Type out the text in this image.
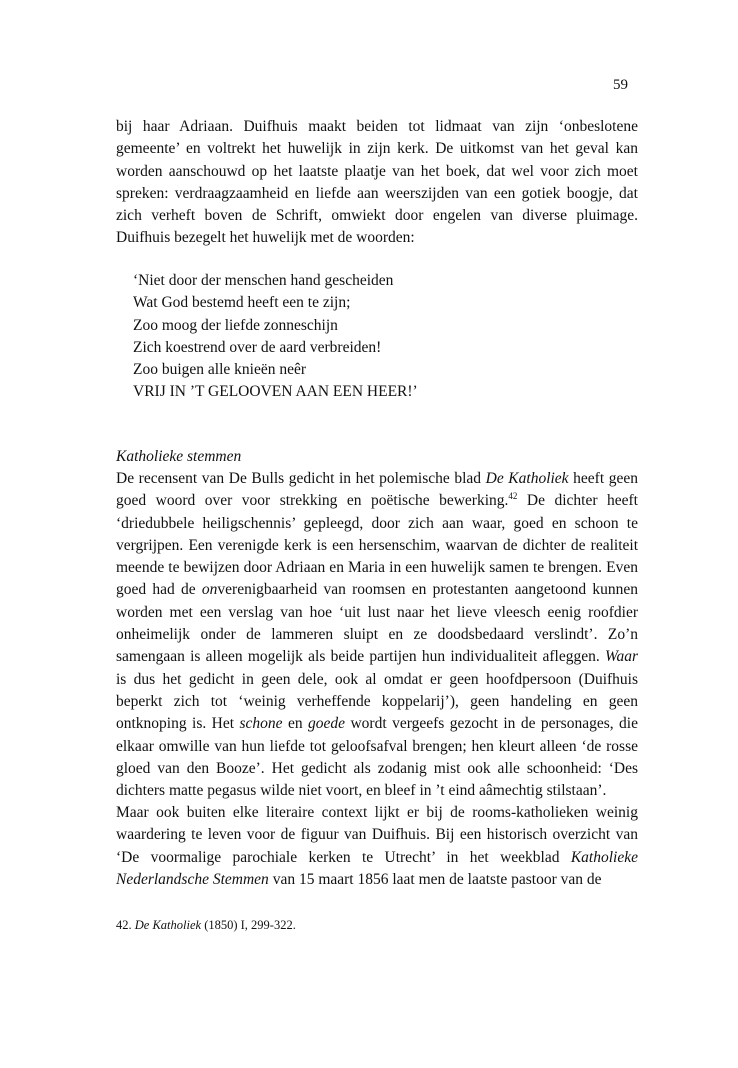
59

bij haar Adriaan. Duifhuis maakt beiden tot lidmaat van zijn ‘onbeslotene gemeente’ en voltrekt het huwelijk in zijn kerk. De uitkomst van het geval kan worden aanschouwd op het laatste plaatje van het boek, dat wel voor zich moet spreken: verdraagzaamheid en liefde aan weerszijden van een gotiek boogje, dat zich verheft boven de Schrift, omwiekt door engelen van diverse pluimage. Duifhuis bezegelt het huwelijk met de woorden:

‘Niet door der menschen hand gescheiden
Wat God bestemd heeft een te zijn;
Zoo moog der liefde zonneschijn
Zich koestrend over de aard verbreiden!
Zoo buigen alle knieën neêr
VRIJ IN ’T GELOOVEN AAN EEN HEER!’
Katholieke stemmen

De recensent van De Bulls gedicht in het polemische blad De Katholiek heeft geen goed woord over voor strekking en poëtische bewerking.$^{42}$ De dichter heeft ‘driedubbele heiligschennis’ gepleegd, door zich aan waar, goed en schoon te vergrijpen. Een verenigde kerk is een hersenschim, waarvan de dichter de realiteit meende te bewijzen door Adriaan en Maria in een huwelijk samen te brengen. Even goed had de onverenigbaarheid van roomsen en protestanten aangetoond kunnen worden met een verslag van hoe ‘uit lust naar het lieve vleesch eenig roofdier onheimelijk onder de lammeren sluipt en ze doodsbedaard verslindt’. Zo’n samengaan is alleen mogelijk als beide partijen hun individualiteit afleggen. Waar is dus het gedicht in geen dele, ook al omdat er geen hoofdpersoon (Duifhuis beperkt zich tot ‘weinig verheffende koppelarij’), geen handeling en geen ontknoping is. Het schone en goede wordt vergeefs gezocht in de personages, die elkaar omwille van hun liefde tot geloofsafval brengen; hen kleurt alleen ‘de rosse gloed van den Booze’. Het gedicht als zodanig mist ook alle schoonheid: ‘Des dichters matte pegasus wilde niet voort, en bleef in ’t eind aâmechtig stilstaan’.

Maar ook buiten elke literaire context lijkt er bij de rooms-katholieken weinig waardering te leven voor de figuur van Duifhuis. Bij een historisch overzicht van ‘De voormalige parochiale kerken te Utrecht’ in het weekblad Katholieke Nederlandsche Stemmen van 15 maart 1856 laat men de laatste pastoor van de

42. De Katholiek (1850) I, 299-322.
